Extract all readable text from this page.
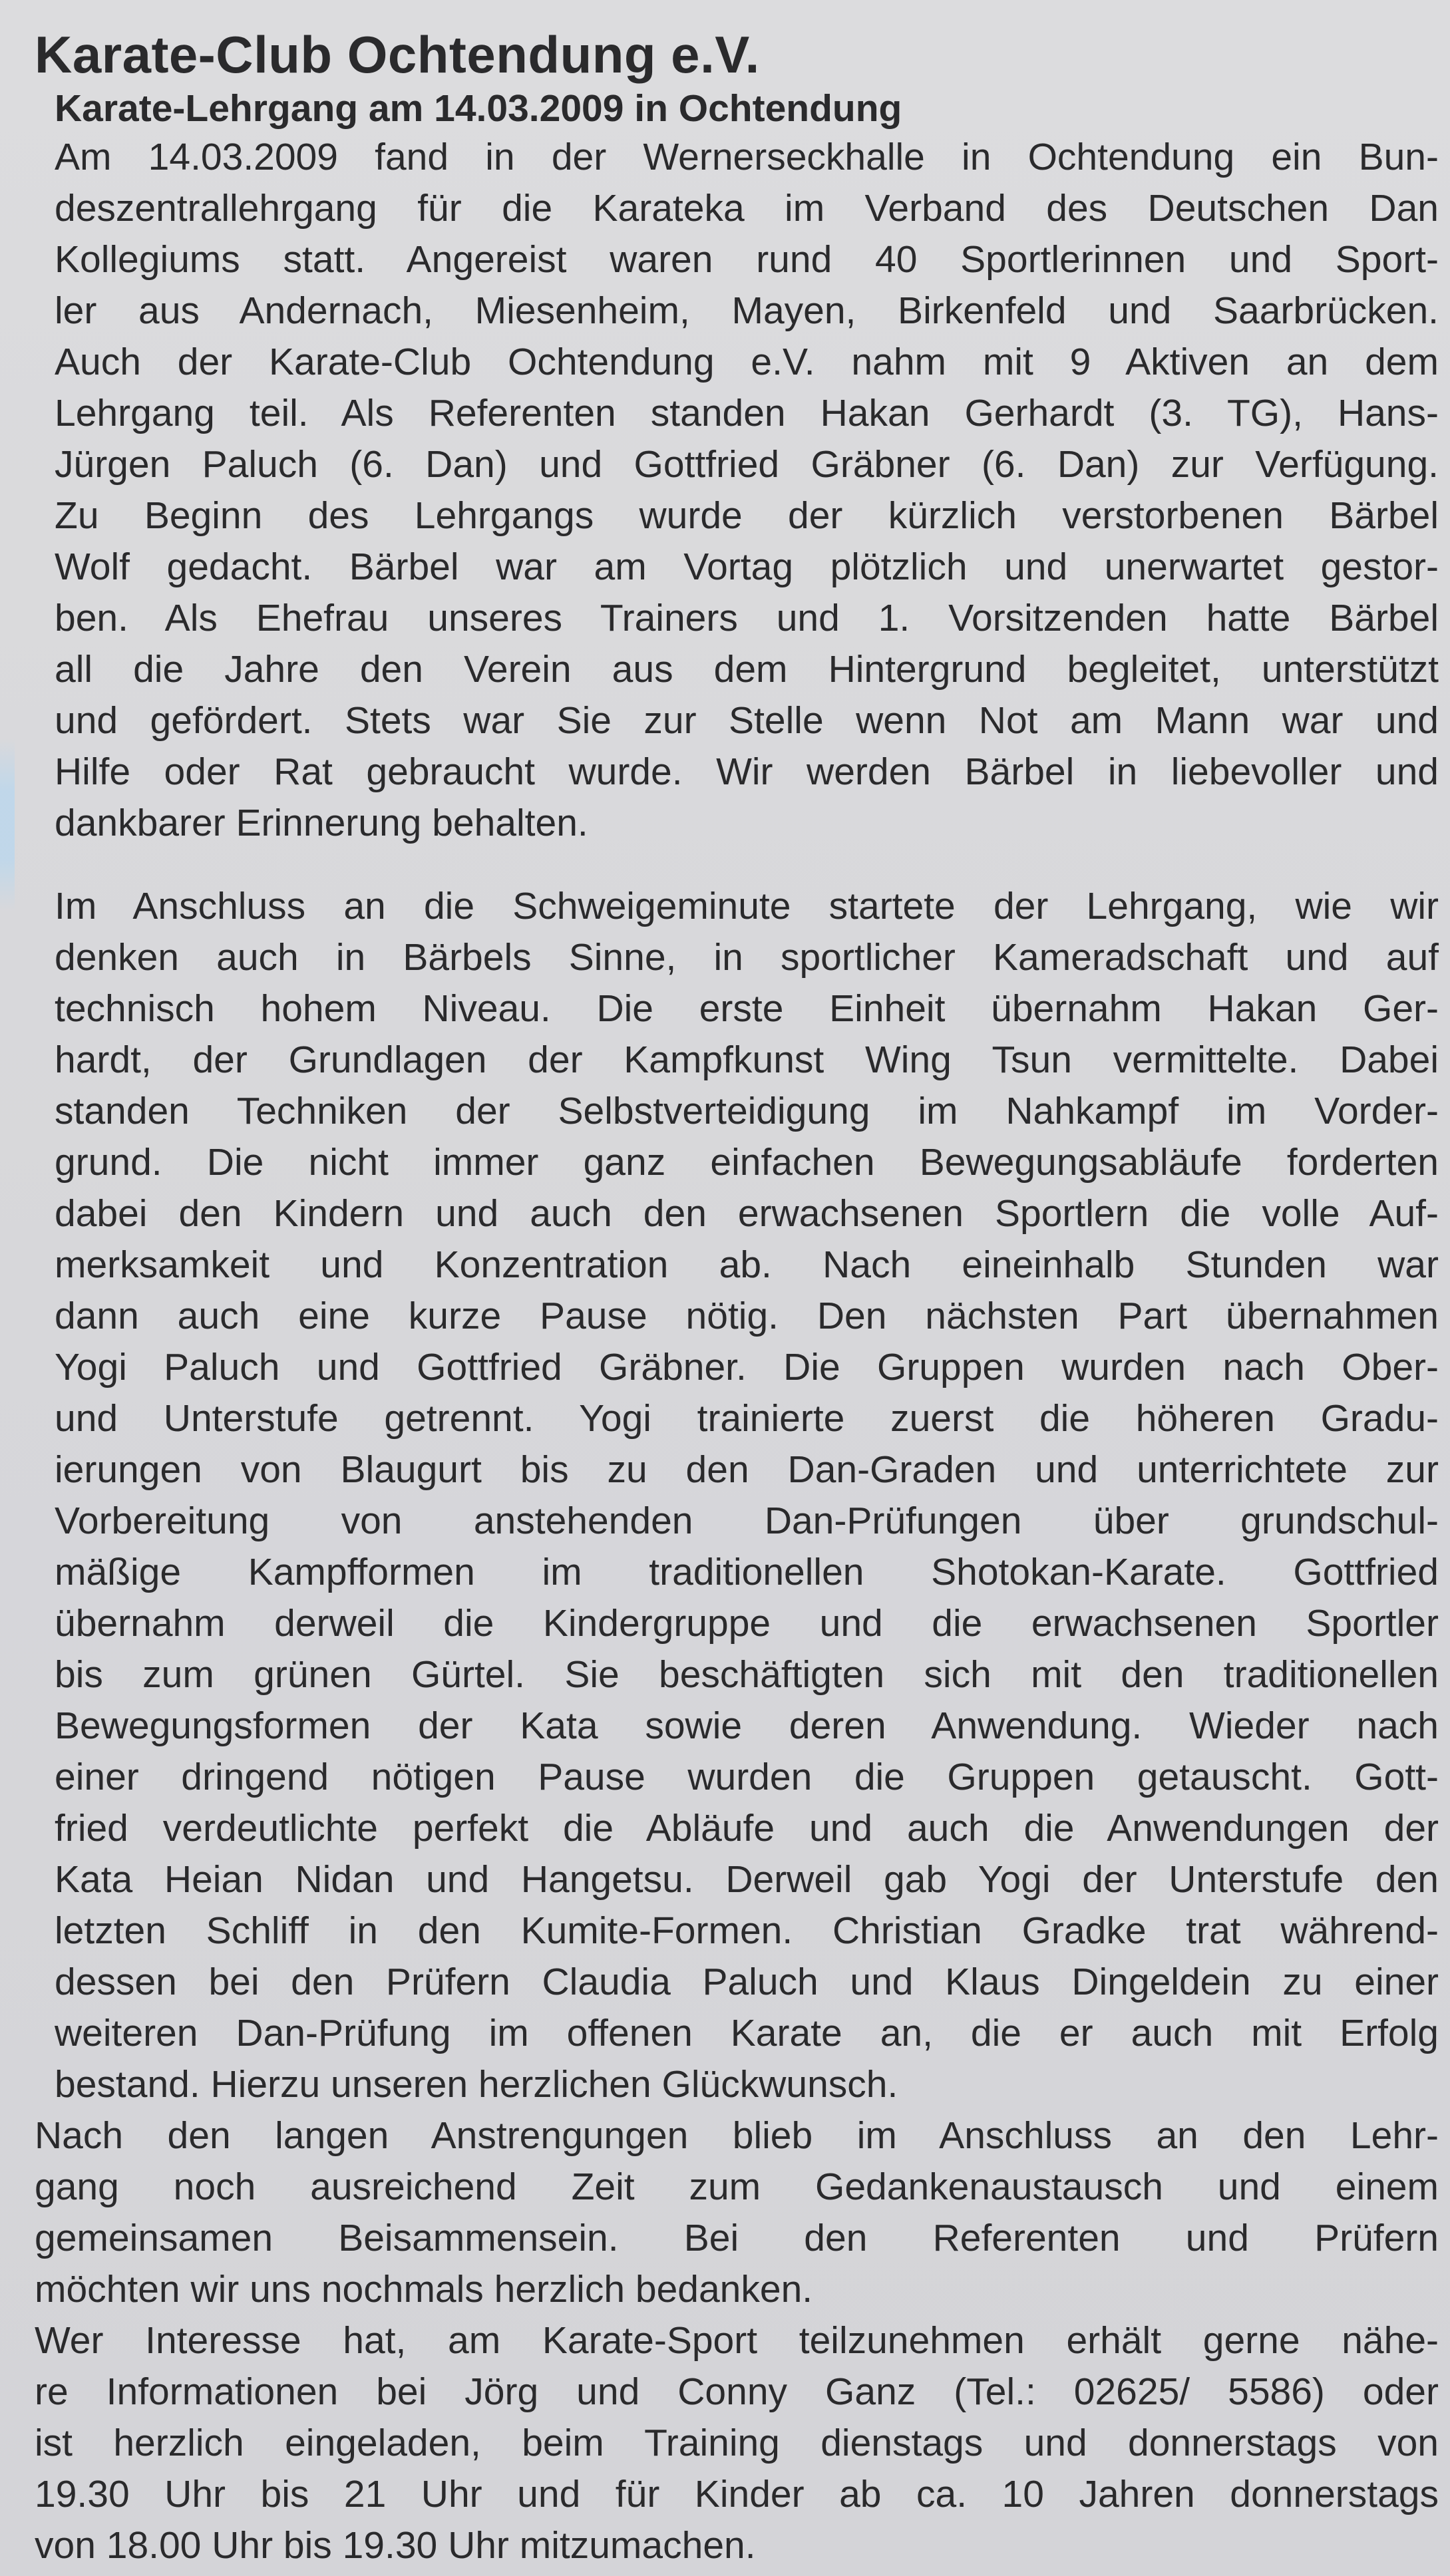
Karate-Club Ochtendung e.V.
Karate-Lehrgang am 14.03.2009 in Ochtendung
Am 14.03.2009 fand in der Wernerseckhalle in Ochtendung ein Bun-
deszentrallehrgang für die Karateka im Verband des Deutschen Dan
Kollegiums statt. Angereist waren rund 40 Sportlerinnen und Sport-
ler aus Andernach, Miesenheim, Mayen, Birkenfeld und Saarbrücken.
Auch der Karate-Club Ochtendung e.V. nahm mit 9 Aktiven an dem
Lehrgang teil. Als Referenten standen Hakan Gerhardt (3. TG), Hans-
Jürgen Paluch (6. Dan) und Gottfried Gräbner (6. Dan) zur Verfügung.
Zu Beginn des Lehrgangs wurde der kürzlich verstorbenen Bärbel
Wolf gedacht. Bärbel war am Vortag plötzlich und unerwartet gestor-
ben. Als Ehefrau unseres Trainers und 1. Vorsitzenden hatte Bärbel
all die Jahre den Verein aus dem Hintergrund begleitet, unterstützt
und gefördert. Stets war Sie zur Stelle wenn Not am Mann war und
Hilfe oder Rat gebraucht wurde. Wir werden Bärbel in liebevoller und
dankbarer Erinnerung behalten.
Im Anschluss an die Schweigeminute startete der Lehrgang, wie wir
denken auch in Bärbels Sinne, in sportlicher Kameradschaft und auf
technisch hohem Niveau. Die erste Einheit übernahm Hakan Ger-
hardt, der Grundlagen der Kampfkunst Wing Tsun vermittelte. Dabei
standen Techniken der Selbstverteidigung im Nahkampf im Vorder-
grund. Die nicht immer ganz einfachen Bewegungsabläufe forderten
dabei den Kindern und auch den erwachsenen Sportlern die volle Auf-
merksamkeit und Konzentration ab. Nach eineinhalb Stunden war
dann auch eine kurze Pause nötig. Den nächsten Part übernahmen
Yogi Paluch und Gottfried Gräbner. Die Gruppen wurden nach Ober-
und Unterstufe getrennt. Yogi trainierte zuerst die höheren Gradu-
ierungen von Blaugurt bis zu den Dan-Graden und unterrichtete zur
Vorbereitung von anstehenden Dan-Prüfungen über grundschul-
mäßige Kampfformen im traditionellen Shotokan-Karate. Gottfried
übernahm derweil die Kindergruppe und die erwachsenen Sportler
bis zum grünen Gürtel. Sie beschäftigten sich mit den traditionellen
Bewegungsformen der Kata sowie deren Anwendung. Wieder nach
einer dringend nötigen Pause wurden die Gruppen getauscht. Gott-
fried verdeutlichte perfekt die Abläufe und auch die Anwendungen der
Kata Heian Nidan und Hangetsu. Derweil gab Yogi der Unterstufe den
letzten Schliff in den Kumite-Formen. Christian Gradke trat während-
dessen bei den Prüfern Claudia Paluch und Klaus Dingeldein zu einer
weiteren Dan-Prüfung im offenen Karate an, die er auch mit Erfolg
bestand. Hierzu unseren herzlichen Glückwunsch.
Nach den langen Anstrengungen blieb im Anschluss an den Lehr-
gang noch ausreichend Zeit zum Gedankenaustausch und einem
gemeinsamen Beisammensein. Bei den Referenten und Prüfern
möchten wir uns nochmals herzlich bedanken.
Wer Interesse hat, am Karate-Sport teilzunehmen erhält gerne nähe-
re Informationen bei Jörg und Conny Ganz (Tel.: 02625/ 5586) oder
ist herzlich eingeladen, beim Training dienstags und donnerstags von
19.30 Uhr bis 21 Uhr und für Kinder ab ca. 10 Jahren donnerstags
von 18.00 Uhr bis 19.30 Uhr mitzumachen.
